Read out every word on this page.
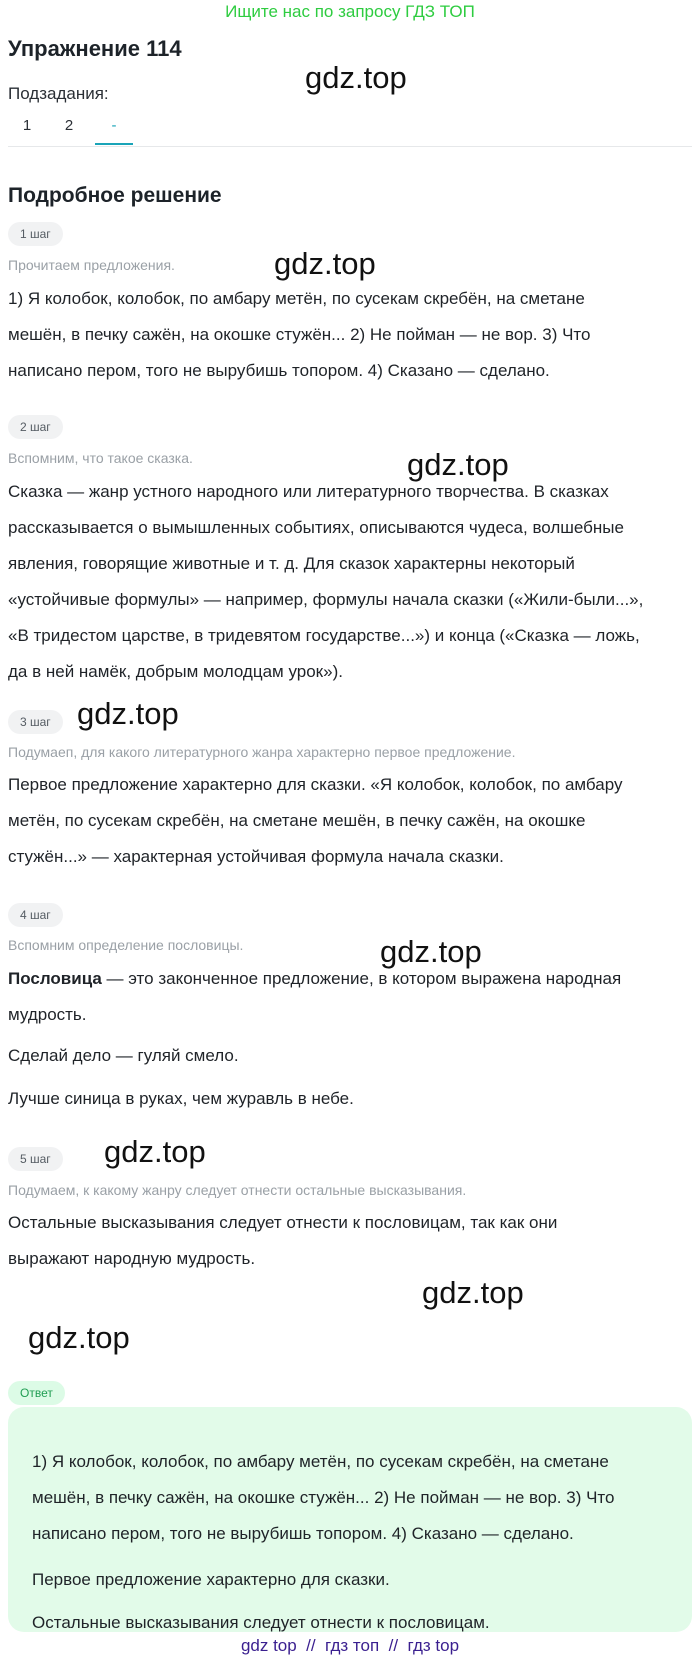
Ищите нас по запросу ГДЗ ТОП
Упражнение 114
gdz.top
Подзадания:
1	2	-
Подробное решение
1 шаг
Прочитаем предложения.	gdz.top
1) Я колобок, колобок, по амбару метён, по сусекам скребён, на сметане
мешён, в печку сажён, на окошке стужён... 2) Не пойман — не вор. 3) Что
написано пером, того не вырубишь топором. 4) Сказано — сделано.
2 шаг
Вспомним, что такое сказка.	gdz.top
Сказка — жанр устного народного или литературного творчества. В сказках
рассказывается о вымышленных событиях, описываются чудеса, волшебные
явления, говорящие животные и т. д. Для сказок характерны некоторый
«устойчивые формулы» — например, формулы начала сказки («Жили-были...»,
«В тридестом царстве, в тридевятом государстве...») и конца («Сказка — ложь,
да в ней намёк, добрым молодцам урок»).
3 шаг gdz.top
Подумаеп, для какого литературного жанра характерно первое предложение.
Первое предложение характерно для сказки. «Я колобок, колобок, по амбару
метён, по сусекам скребён, на сметане мешён, в печку сажён, на окошке
стужён...» — характерная устойчивая формула начала сказки.
4 шаг
Вспомним определение пословицы.	gdz.top
Пословица — это законченное предложение, в котором выражена народная
мудрость.
Сделай дело — гуляй смело.
Лучше синица в руках, чем журавль в небе.
5 шаг	gdz.top
Подумаем, к какому жанру следует отнести остальные высказывания.
Остальные высказывания следует отнести к пословицам, так как они
выражают народную мудрость.
gdz.top
Ответ
1) Я колобок, колобок, по амбару метён, по сусекам скребён, на сметане
мешён, в печку сажён, на окошке стужён... 2) Не пойман — не вор. 3) Что
написано пером, того не вырубишь топором. 4) Сказано — сделано.
Первое предложение характерно для сказки.
Остальные высказывания следует отнести к пословицам.
gdz.top
gdz top  //  гдз топ  //  гдз top
